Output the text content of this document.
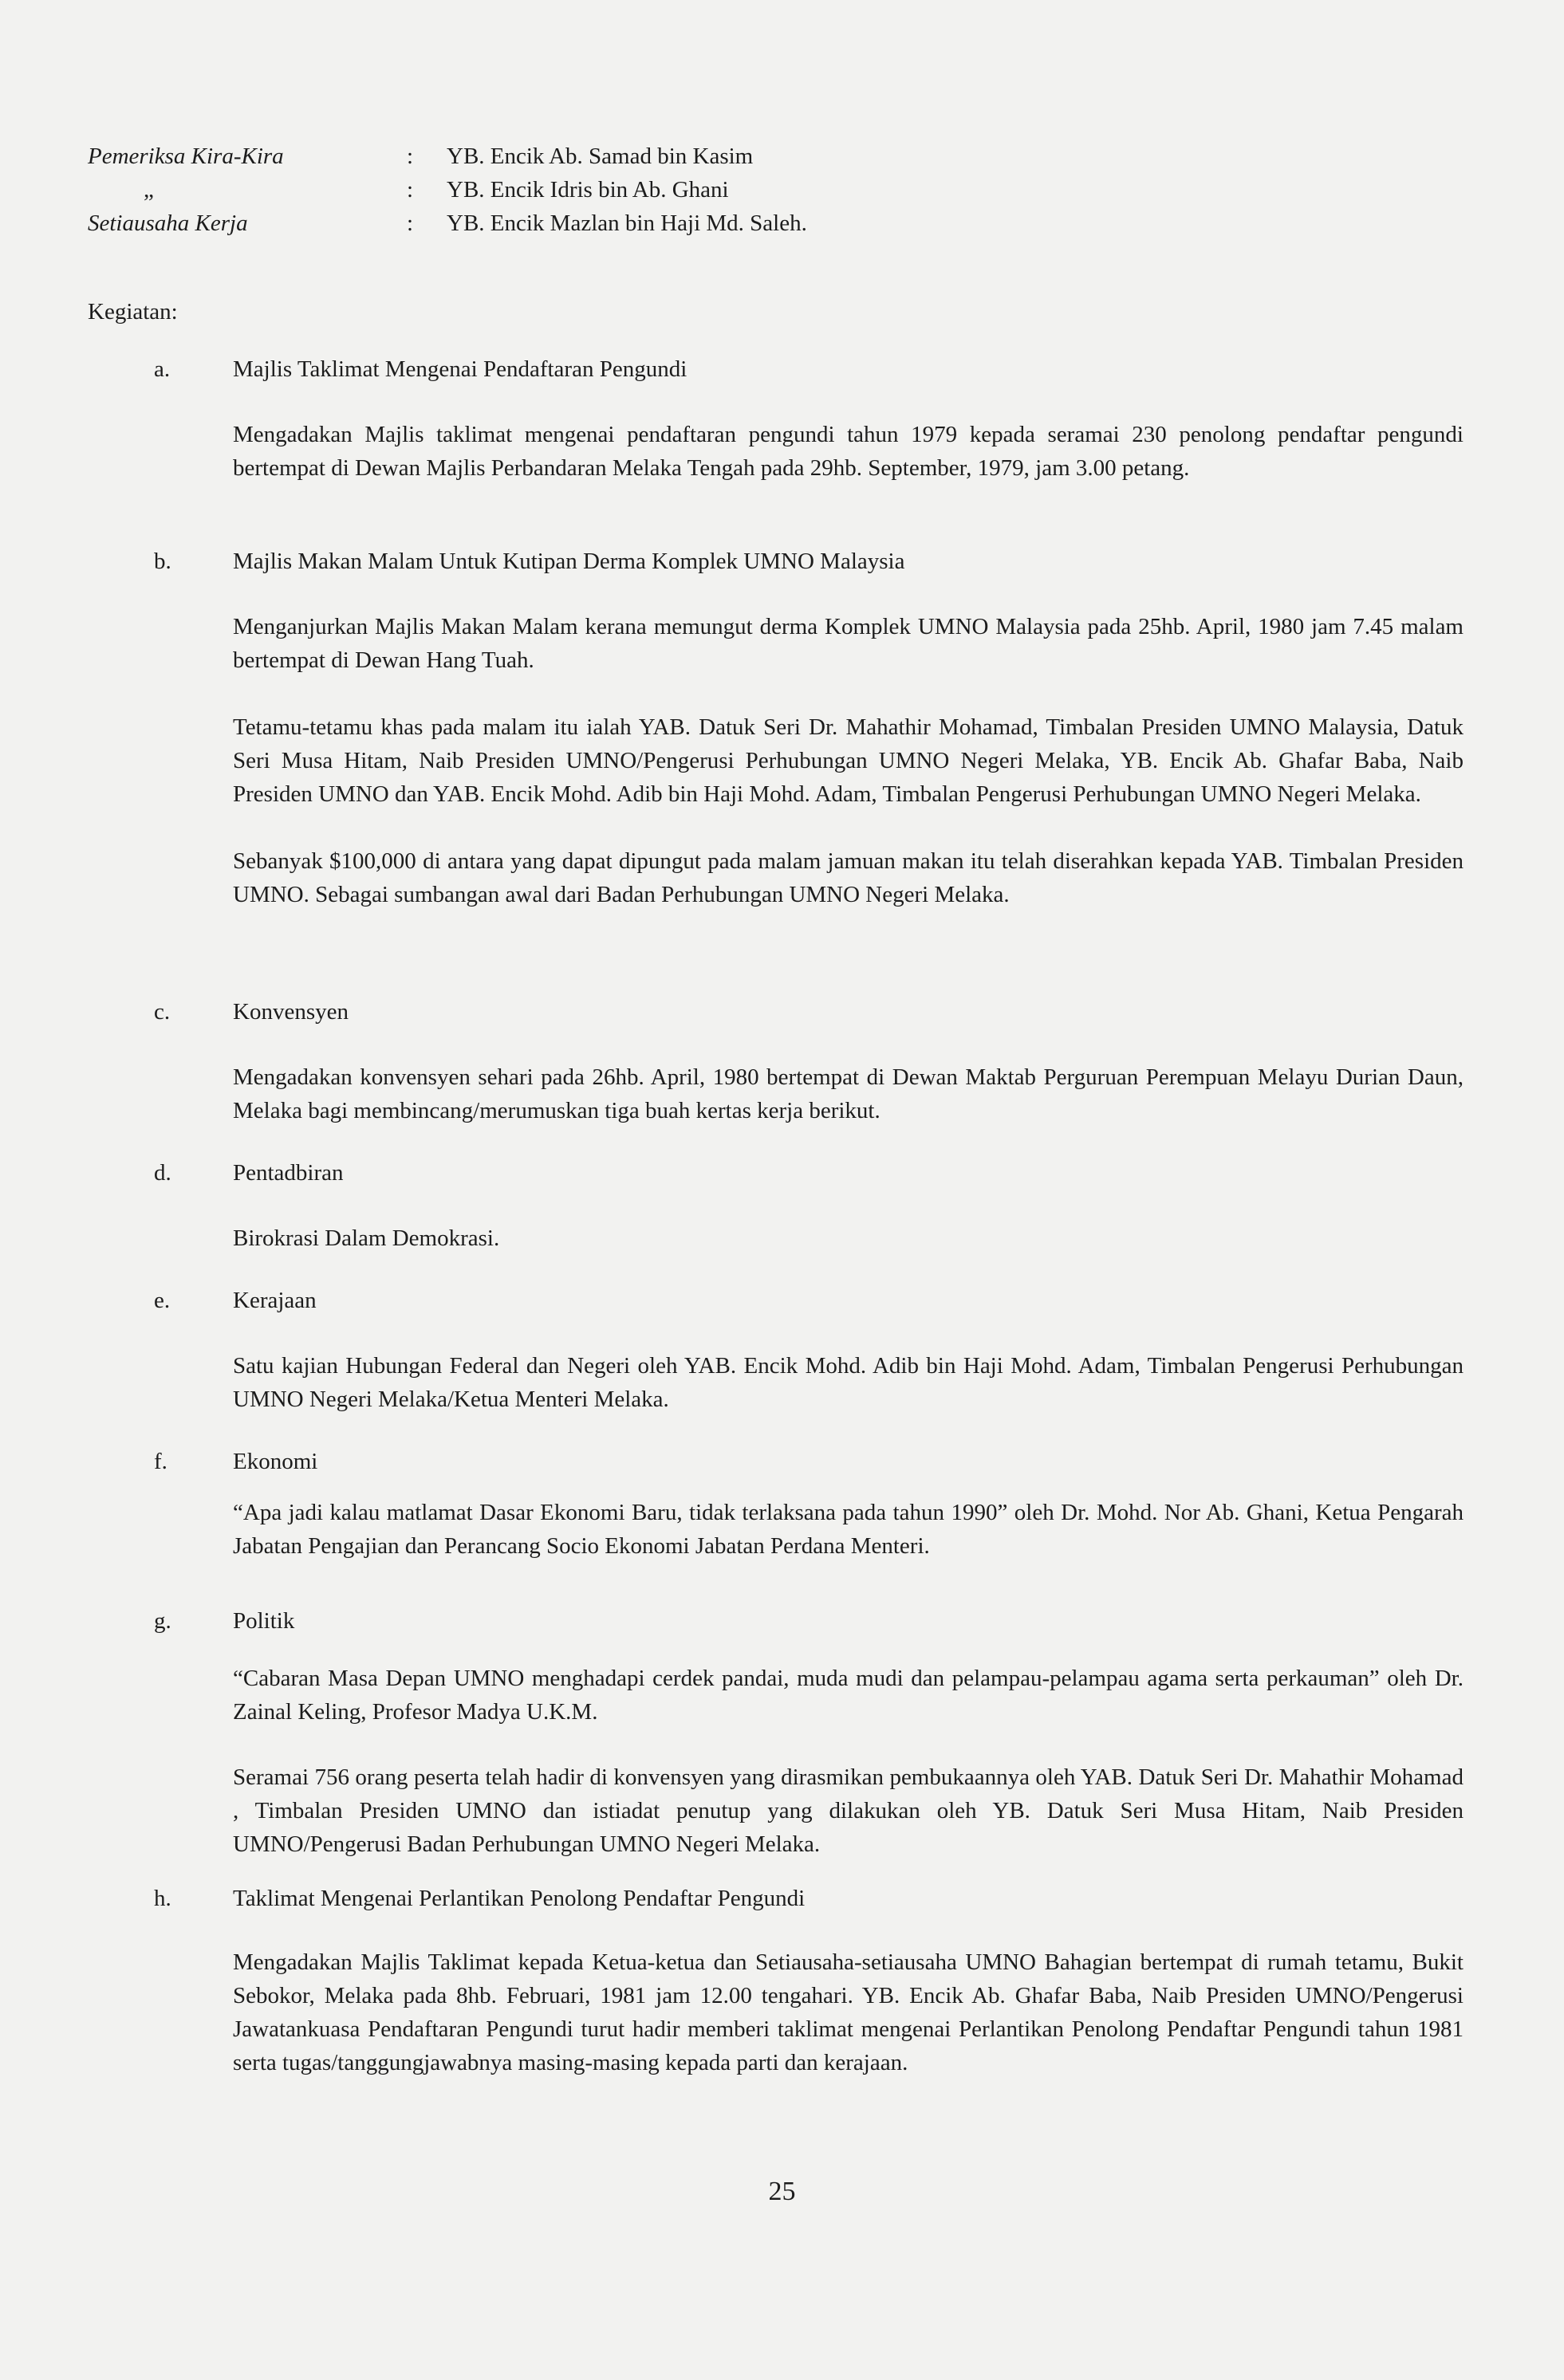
Pemeriksa Kira-Kira	:	YB. Encik Ab. Samad bin Kasim
„	:	YB. Encik Idris bin Ab. Ghani
Setiausaha Kerja	:	YB. Encik Mazlan bin Haji Md. Saleh.
Kegiatan:
a.	Majlis Taklimat Mengenai Pendaftaran Pengundi
Mengadakan Majlis taklimat mengenai pendaftaran pengundi tahun 1979 kepada seramai 230 penolong pendaftar pengundi bertempat di Dewan Majlis Perbandaran Melaka Tengah pada 29hb. September, 1979, jam 3.00 petang.
b.	Majlis Makan Malam Untuk Kutipan Derma Komplek UMNO Malaysia
Menganjurkan Majlis Makan Malam kerana memungut derma Komplek UMNO Malaysia pada 25hb. April, 1980 jam 7.45 malam bertempat di Dewan Hang Tuah.
Tetamu-tetamu khas pada malam itu ialah YAB. Datuk Seri Dr. Mahathir Mohamad, Timbalan Presiden UMNO Malaysia, Datuk Seri Musa Hitam, Naib Presiden UMNO/Pengerusi Perhubungan UMNO Negeri Melaka, YB. Encik Ab. Ghafar Baba, Naib Presiden UMNO dan YAB. Encik Mohd. Adib bin Haji Mohd. Adam, Timbalan Pengerusi Perhubungan UMNO Negeri Melaka.
Sebanyak $100,000 di antara yang dapat dipungut pada malam jamuan makan itu telah diserahkan kepada YAB. Timbalan Presiden UMNO. Sebagai sumbangan awal dari Badan Perhubungan UMNO Negeri Melaka.
c.	Konvensyen
Mengadakan konvensyen sehari pada 26hb. April, 1980 bertempat di Dewan Maktab Perguruan Perempuan Melayu Durian Daun, Melaka bagi membincang/merumuskan tiga buah kertas kerja berikut.
d.	Pentadbiran
Birokrasi Dalam Demokrasi.
e.	Kerajaan
Satu kajian Hubungan Federal dan Negeri oleh YAB. Encik Mohd. Adib bin Haji Mohd. Adam, Timbalan Pengerusi Perhubungan UMNO Negeri Melaka/Ketua Menteri Melaka.
f.	Ekonomi
“Apa jadi kalau matlamat Dasar Ekonomi Baru, tidak terlaksana pada tahun 1990” oleh Dr. Mohd. Nor Ab. Ghani, Ketua Pengarah Jabatan Pengajian dan Perancang Socio Ekonomi Jabatan Perdana Menteri.
g.	Politik
“Cabaran Masa Depan UMNO menghadapi cerdek pandai, muda mudi dan pelampau-pelampau agama serta perkauman” oleh Dr. Zainal Keling, Profesor Madya U.K.M.
Seramai 756 orang peserta telah hadir di konvensyen yang dirasmikan pembukaannya oleh YAB. Datuk Seri Dr. Mahathir Mohamad , Timbalan Presiden UMNO dan istiadat penutup yang dilakukan oleh YB. Datuk Seri Musa Hitam, Naib Presiden UMNO/Pengerusi Badan Perhubungan UMNO Negeri Melaka.
h.	Taklimat Mengenai Perlantikan Penolong Pendaftar Pengundi
Mengadakan Majlis Taklimat kepada Ketua-ketua dan Setiausaha-setiausaha UMNO Bahagian bertempat di rumah tetamu, Bukit Sebokor, Melaka pada 8hb. Februari, 1981 jam 12.00 tengahari. YB. Encik Ab. Ghafar Baba, Naib Presiden UMNO/Pengerusi Jawatankuasa Pendaftaran Pengundi turut hadir memberi taklimat mengenai Perlantikan Penolong Pendaftar Pengundi tahun 1981 serta tugas/tanggungjawabnya masing-masing kepada parti dan kerajaan.
25
